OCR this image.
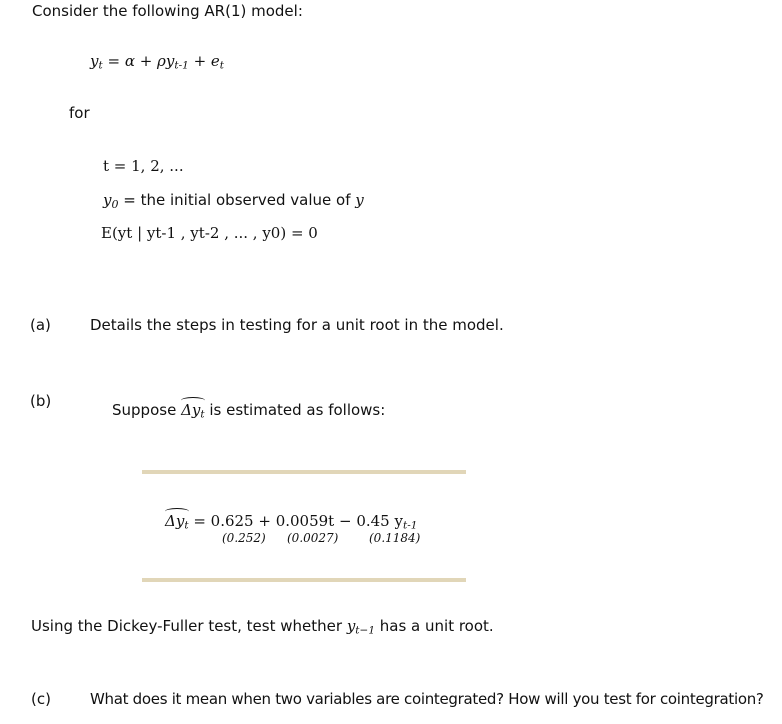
Consider the following AR(1) model:
$y_t = \alpha + \rho y_{t-1} + e_t$
for
t = 1, 2, ...
$y_0$ = the initial observed value of y
E(yt | yt-1 , yt-2 , ... , y0) = 0
(a)	Details the steps in testing for a unit root in the model.
(b)	Suppose $\Delta y_t$ is estimated as follows:
$\Delta y_t = 0.625 + 0.0059t - 0.45$ $y_{t-1}$
(0.252) (0.0027)	(0.1184)
Using the Dickey-Fuller test, test whether $y_{t-1}$ has a unit root.
(c)	What does it mean when two variables are cointegrated? How will you test for cointegration?
